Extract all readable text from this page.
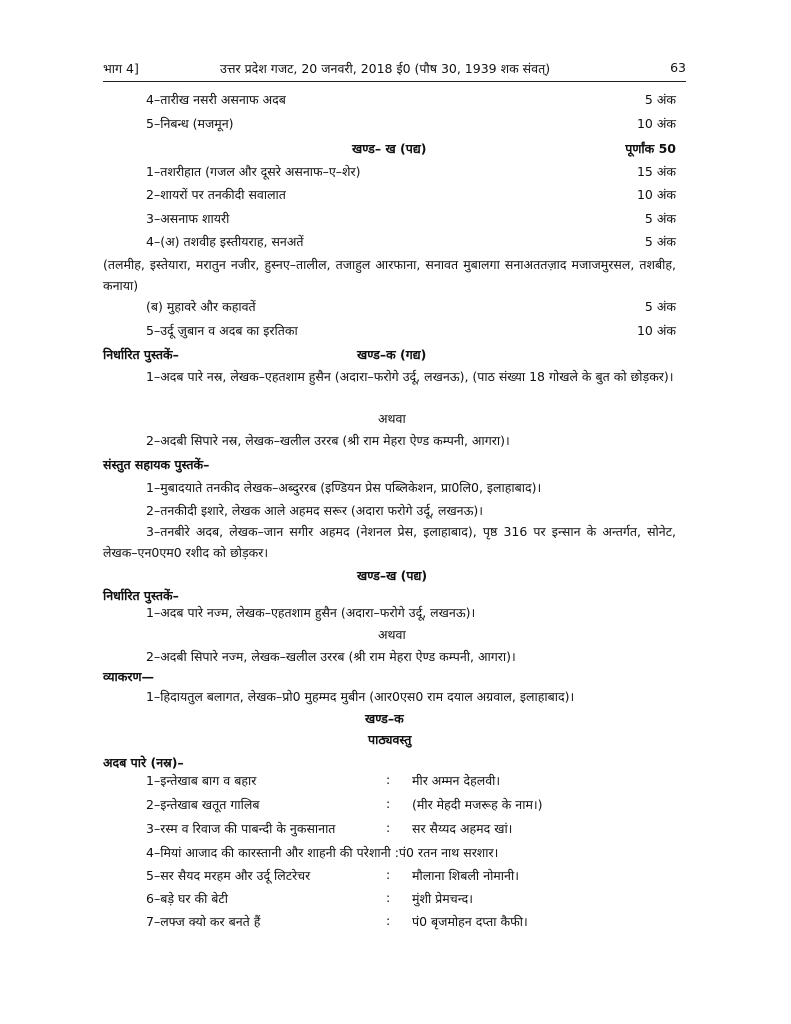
भाग 4]	उत्तर प्रदेश गजट, 20 जनवरी, 2018 ई0 (पौष 30, 1939 शक संवत्)	63
4–तारीख नसरी असनाफ अदब	5 अंक
5–निबन्ध (मजमून)	10 अंक
खण्ड– ख (पद्य)	पूर्णांक 50
1–तशरीहात (गजल और दूसरे असनाफ–ए–शेर)	15 अंक
2–शायरों पर तनकीदी सवालात	10 अंक
3–असनाफ शायरी	5 अंक
4–(अ) तशवीह इस्तीयराह, सनअतें	5 अंक
(तलमीह, इस्तेयारा, मरातुन नजीर, हुस्नए–तालील, तजाहुल आरफाना, सनावत मुबालगा सनाअततज़ाद मजाजमुरसल, तशबीह, कनाया)
(ब) मुहावरे और कहावतें	5 अंक
5–उर्दू ज़ुबान व अदब का इरतिका	10 अंक
निर्धारित पुस्तकें–	खण्ड–क (गद्य)
1–अदब पारे नस्र, लेखक–एहतशाम हुसैन (अदारा–फरोगे उर्दू, लखनऊ), (पाठ संख्या 18 गोखले के बुत को छोड़कर)।
अथवा
2–अदबी सिपारे नस्र, लेखक–खलील उररब (श्री राम मेहरा ऐण्ड कम्पनी, आगरा)।
संस्तुत सहायक पुस्तकें–
1–मुबादयाते तनकीद लेखक–अब्दुररब (इण्डियन प्रेस पब्लिकेशन, प्रा0लि0, इलाहाबाद)।
2–तनकीदी इशारे, लेखक आले अहमद सरूर (अदारा फरोगे उर्दू, लखनऊ)।
3–तनबीरे अदब, लेखक–जान सगीर अहमद (नेशनल प्रेस, इलाहाबाद), पृष्ठ 316 पर इन्सान के अन्तर्गत, सोनेट, लेखक–एन0एम0 रशीद को छोड़कर।
खण्ड–ख (पद्य)
निर्धारित पुस्तकें–
1–अदब पारे नज्म, लेखक–एहतशाम हुसैन (अदारा–फरोगे उर्दू, लखनऊ)।
अथवा
2–अदबी सिपारे नज्म, लेखक–खलील उररब (श्री राम मेहरा ऐण्ड कम्पनी, आगरा)।
व्याकरण—
1–हिदायतुल बलागत, लेखक–प्रो0 मुहम्मद मुबीन (आर0एस0 राम दयाल अग्रवाल, इलाहाबाद)।
खण्ड–क
पाठ्यवस्तु
अदब पारे (नस्र)–
1–इन्तेखाब बाग व बहार	: मीर अम्मन देहलवी।
2–इन्तेखाब खतूत गालिब	: (मीर मेहदी मजरूह के नाम।)
3–रस्म व रिवाज की पाबन्दी के नुकसानात	: सर सैय्यद अहमद खां।
4–मियां आजाद की कारस्तानी और शाहनी की परेशानी :पं0 रतन नाथ सरशार।
5–सर सैयद मरहम और उर्दू लिटरेचर	: मौलाना शिबली नोमानी।
6–बड़े घर की बेटी	: मुंशी प्रेमचन्द।
7–लफ्ज क्यो कर बनते हैं	: पं0 बृजमोहन दप्ता कैफी।
